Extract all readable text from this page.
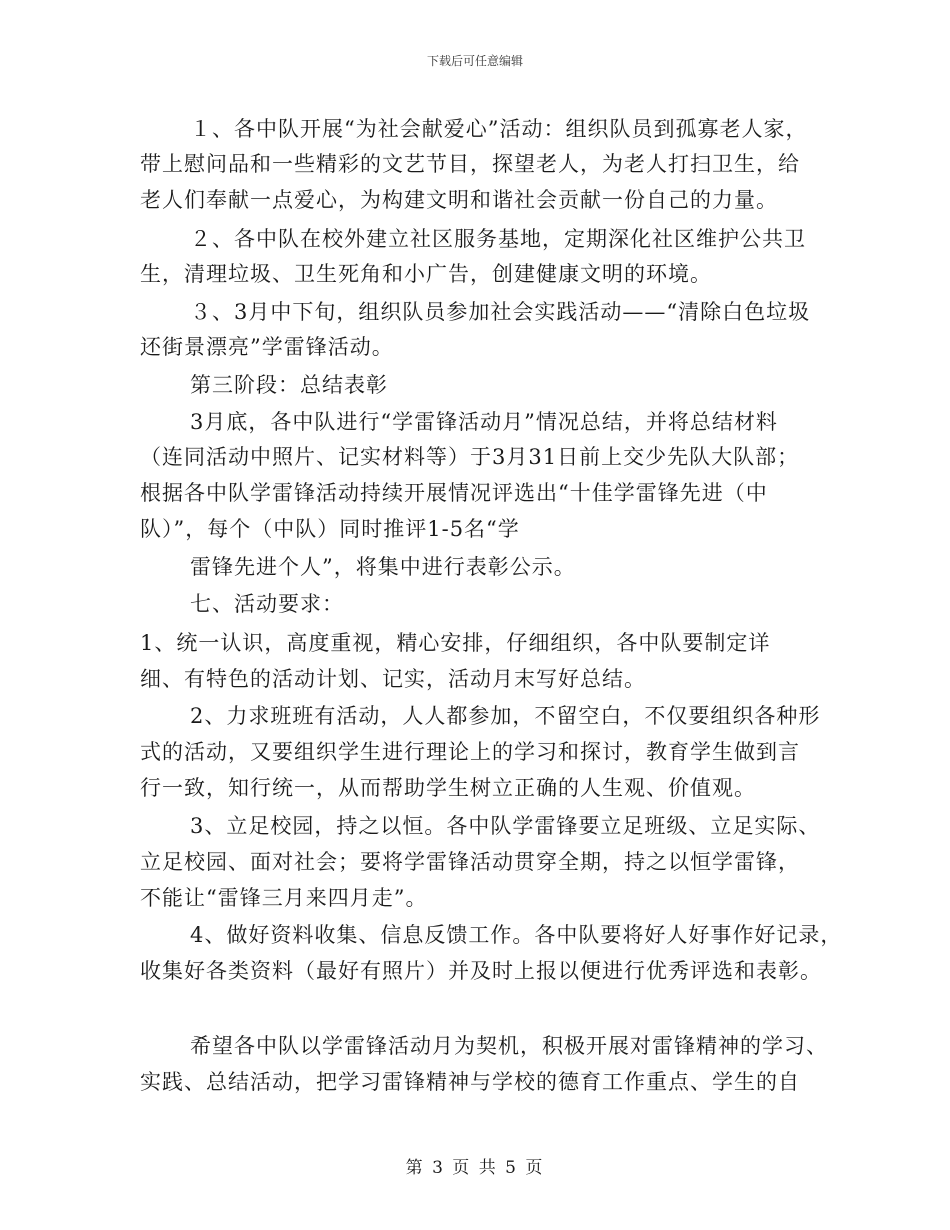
下载后可任意编辑
１、各中队开展“为社会献爱心”活动：组织队员到孤寡老人家，
带上慰问品和一些精彩的文艺节目，探望老人，为老人打扫卫生，给
老人们奉献一点爱心，为构建文明和谐社会贡献一份自己的力量。
２、各中队在校外建立社区服务基地，定期深化社区维护公共卫
生，清理垃圾、卫生死角和小广告，创建健康文明的环境。
３、3月中下旬，组织队员参加社会实践活动——“清除白色垃圾
还街景漂亮”学雷锋活动。
第三阶段：总结表彰
3月底，各中队进行“学雷锋活动月”情况总结，并将总结材料
（连同活动中照片、记实材料等）于3月31日前上交少先队大队部；
根据各中队学雷锋活动持续开展情况评选出“十佳学雷锋先进（中
队）”，每个（中队）同时推评1-5名“学
雷锋先进个人”，将集中进行表彰公示。
七、活动要求：
1、统一认识，高度重视，精心安排，仔细组织，各中队要制定详
细、有特色的活动计划、记实，活动月末写好总结。
2、力求班班有活动，人人都参加，不留空白，不仅要组织各种形
式的活动，又要组织学生进行理论上的学习和探讨，教育学生做到言
行一致，知行统一，从而帮助学生树立正确的人生观、价值观。
3、立足校园，持之以恒。各中队学雷锋要立足班级、立足实际、
立足校园、面对社会；要将学雷锋活动贯穿全期，持之以恒学雷锋，
不能让“雷锋三月来四月走”。
4、做好资料收集、信息反馈工作。各中队要将好人好事作好记录，
收集好各类资料（最好有照片）并及时上报以便进行优秀评选和表彰。
希望各中队以学雷锋活动月为契机，积极开展对雷锋精神的学习、
实践、总结活动，把学习雷锋精神与学校的德育工作重点、学生的自
第 3 页 共 5 页
